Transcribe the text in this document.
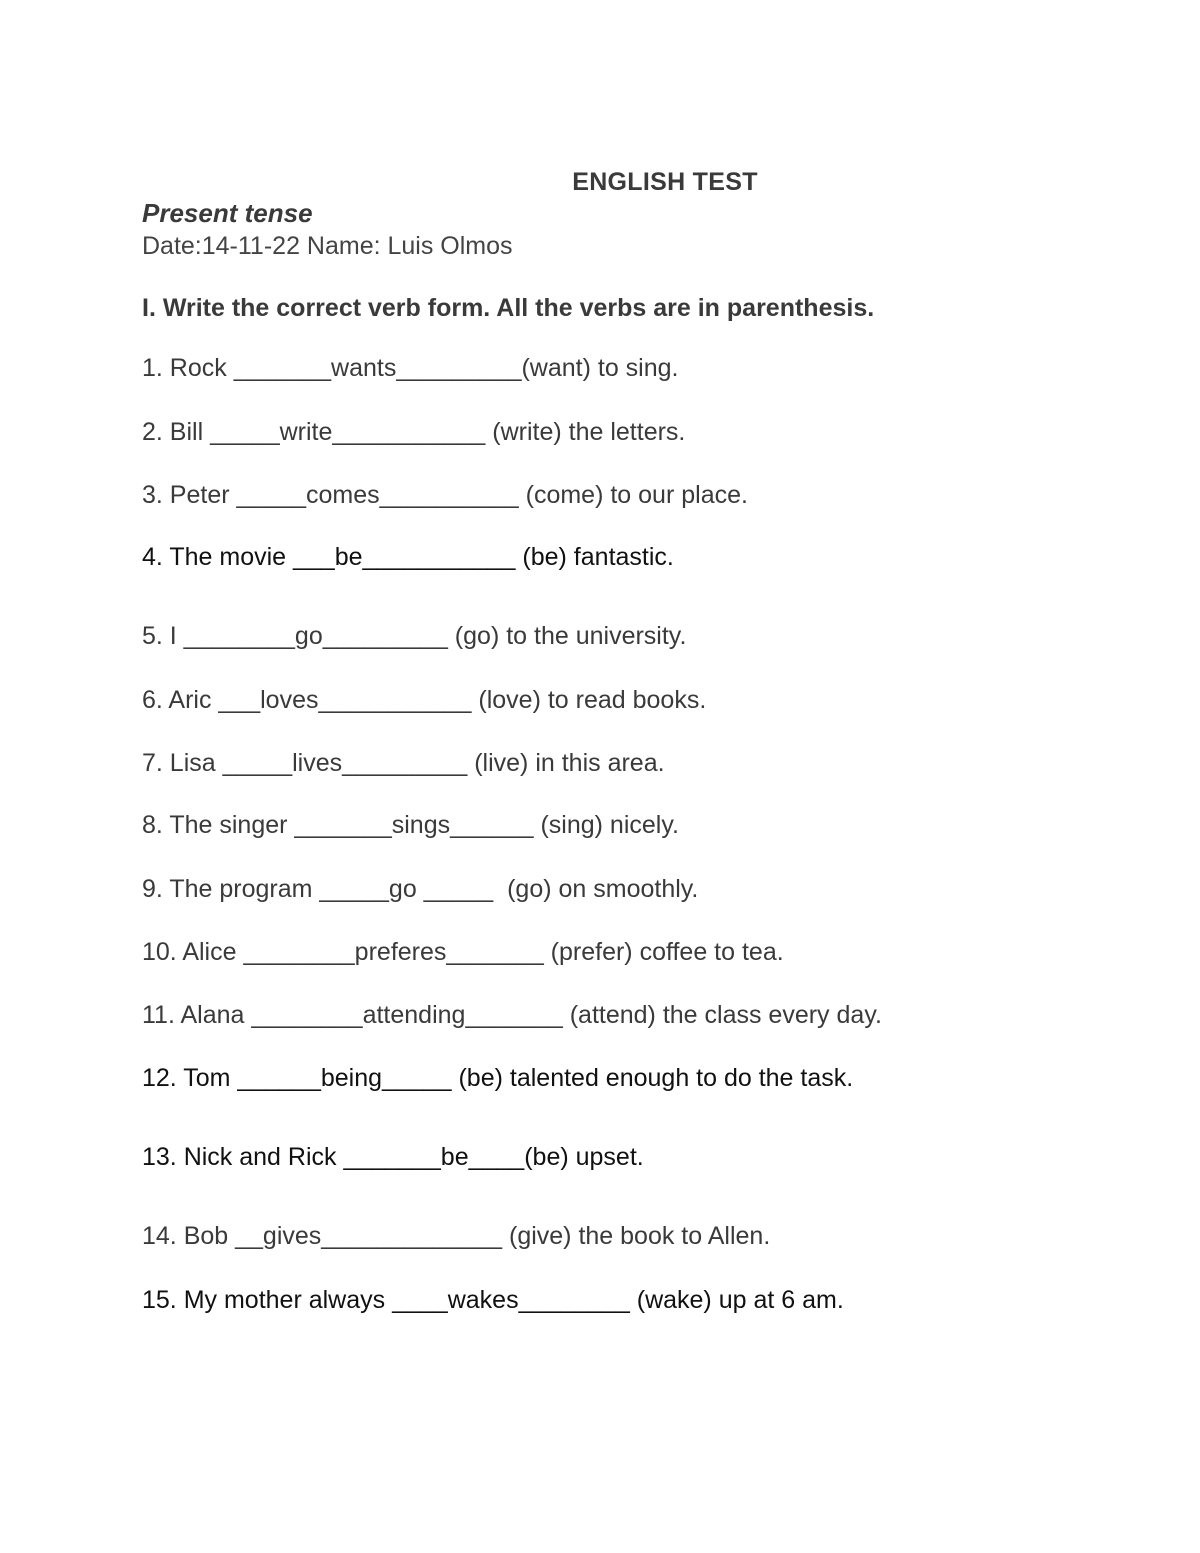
ENGLISH TEST
Present tense
Date:14-11-22 Name: Luis Olmos
I. Write the correct verb form. All the verbs are in parenthesis.
1. Rock _______wants_________(want) to sing.
2. Bill _____write___________ (write) the letters.
3. Peter _____comes__________ (come) to our place.
4. The movie ___be___________ (be) fantastic.
5. I ________go_________ (go) to the university.
6. Aric ___loves___________ (love) to read books.
7. Lisa _____lives_________ (live) in this area.
8. The singer _______sings______ (sing) nicely.
9. The program _____go _____  (go) on smoothly.
10. Alice ________preferes_______ (prefer) coffee to tea.
11. Alana ________attending_______ (attend) the class every day.
12. Tom ______being_____ (be) talented enough to do the task.
13. Nick and Rick _______be____(be) upset.
14. Bob __gives_____________ (give) the book to Allen.
15. My mother always ____wakes________ (wake) up at 6 am.
